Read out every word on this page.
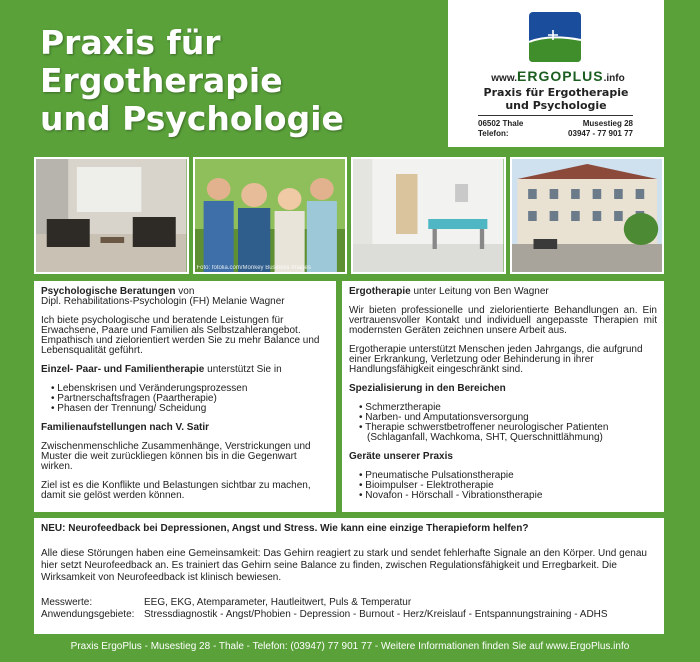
Praxis für
Ergotherapie
und Psychologie
www.ERGOPLUS.info
Praxis für Ergotherapie
und Psychologie
06502 Thale	Musestieg 28
Telefon:	03947 - 77 901 77
Foto: fotolia.com/Monkey Business Images

Psychologische Beratungen von
Dipl. Rehabilitations-Psychologin (FH) Melanie Wagner

Ich biete psychologische und beratende Leistungen für Erwachsene, Paare und Familien als Selbstzahlerangebot. Empathisch und zielorientiert werden Sie zu mehr Balance und Lebensqualität geführt.

Einzel- Paar- und Familientherapie unterstützt Sie in

• Lebenskrisen und Veränderungsprozessen
• Partnerschaftsfragen (Paartherapie)
• Phasen der Trennung/ Scheidung

Familienaufstellungen nach V. Satir

Zwischenmenschliche Zusammenhänge, Verstrickungen und Muster die weit zurückliegen können bis in die Gegenwart wirken.

Ziel ist es die Konflikte und Belastungen sichtbar zu machen, damit sie gelöst werden können.

Ergotherapie unter Leitung von Ben Wagner

Wir bieten professionelle und zielorientierte Behandlungen an. Ein vertrauensvoller Kontakt und individuell angepasste Therapien mit modernsten Geräten zeichnen unsere Arbeit aus.

Ergotherapie unterstützt Menschen jeden Jahrgangs, die aufgrund einer Erkrankung, Verletzung oder Behinderung in ihrer Handlungsfähigkeit eingeschränkt sind.

Spezialisierung in den Bereichen

• Schmerztherapie
• Narben- und Amputationsversorgung
• Therapie schwerstbetroffener neurologischer Patienten
(Schlaganfall, Wachkoma, SHT, Querschnittlähmung)

Geräte unserer Praxis

• Pneumatische Pulsationstherapie
• Bioimpulser - Elektrotherapie
• Novafon - Hörschall - Vibrationstherapie

NEU: Neurofeedback bei Depressionen, Angst und Stress. Wie kann eine einzige Therapieform helfen?

Alle diese Störungen haben eine Gemeinsamkeit: Das Gehirn reagiert zu stark und sendet fehlerhafte Signale an den Körper. Und genau hier setzt Neurofeedback an. Es trainiert das Gehirn seine Balance zu finden, zwischen Regulationsfähigkeit und Erregbarkeit. Die Wirksamkeit von Neurofeedback ist klinisch bewiesen.

Messwerte:	EEG, EKG, Atemparameter, Hautleitwert, Puls & Temperatur
Anwendungsgebiete: Stressdiagnostik - Angst/Phobien - Depression - Burnout - Herz/Kreislauf - Entspannungstraining - ADHS
Praxis ErgoPlus - Musestieg 28 - Thale - Telefon: (03947) 77 901 77 - Weitere Informationen finden Sie auf www.ErgoPlus.info
